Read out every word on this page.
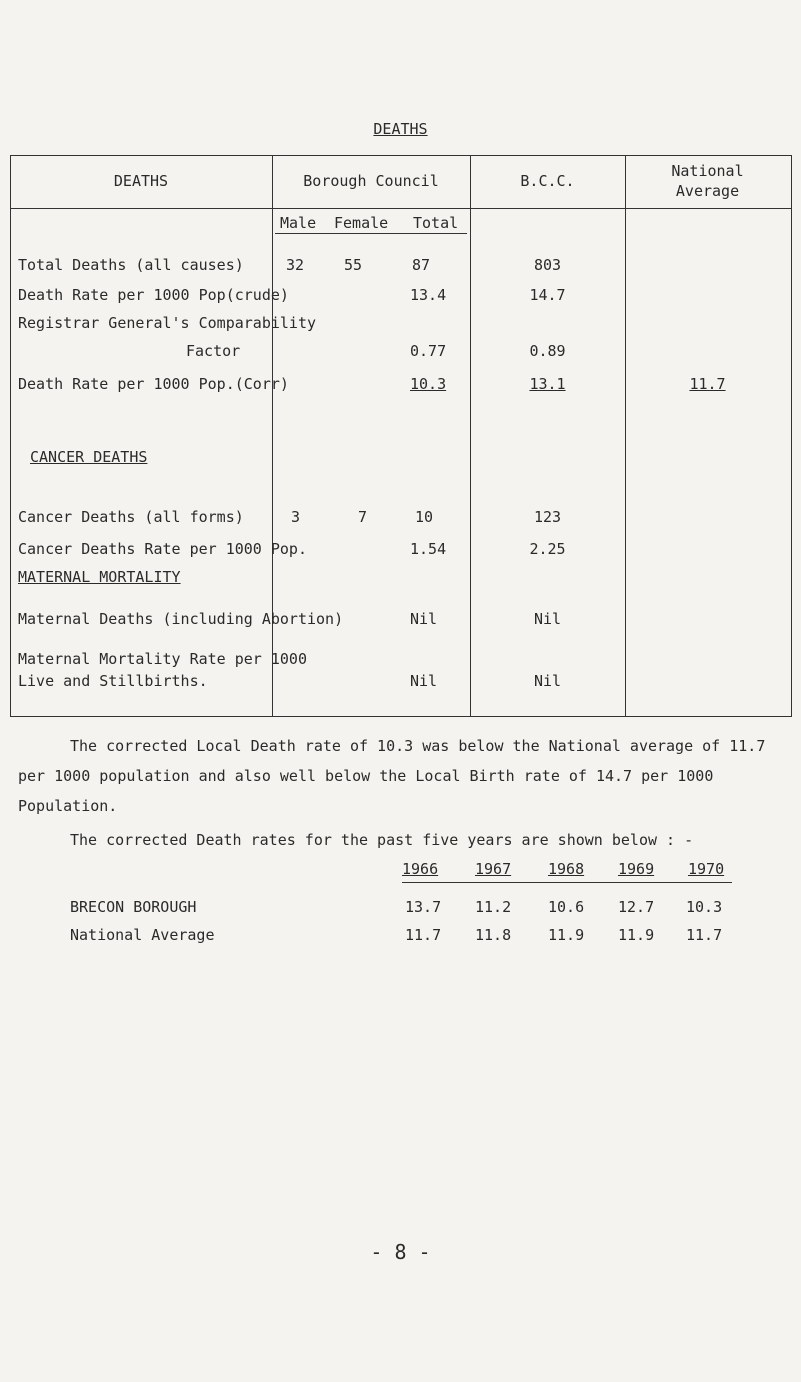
DEATHS
DEATHS	Borough Council	B.C.C.
National
Average
Male Female Total
Total Deaths (all causes)	32	55	87	803
Death Rate per 1000 Pop(crude)	13.4	14.7
Registrar General's Comparability
Factor	0.77	0.89
Death Rate per 1000 Pop.(Corr)	10.3	13.1	11.7
CANCER DEATHS
Cancer Deaths (all forms)	3	7	10	123
Cancer Deaths Rate per 1000 Pop.	1.54	2.25
MATERNAL MORTALITY
Maternal Deaths (including Abortion)	Nil	Nil
Maternal Mortality Rate per 1000
Live and Stillbirths.	Nil	Nil

The corrected Local Death rate of 10.3 was below the National average of 11.7 per 1000 population and also well below the Local Birth rate of 14.7 per 1000 Population.

The corrected Death rates for the past five years are shown below : -

1966 1967 1968 1969 1970
BRECON BOROUGH	13.7 11.2 10.6 12.7 10.3
National Average	11.7 11.8 11.9 11.9 11.7
- 8 -
